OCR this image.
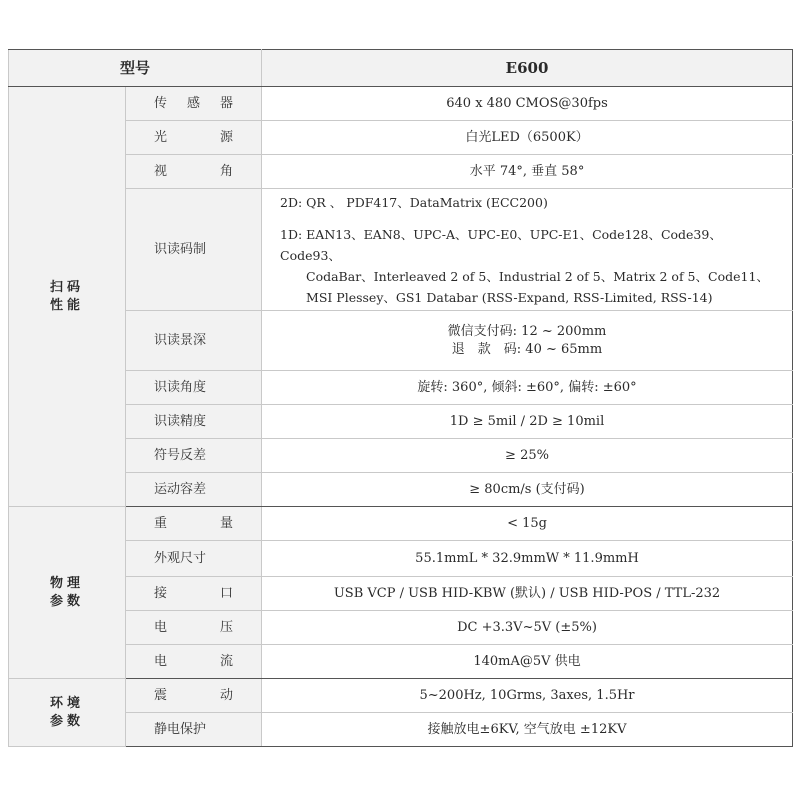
型号		E600

扫码
性能	传 感 器	640 x 480 CMOS@30fps

	光 源	白光LED（6500K）

	视 角	水平 74°, 垂直 58°
	识读码制	2D: QR 、 PDF417、DataMatrix (ECC200)
1D: EAN13、EAN8、UPC-A、UPC-E0、UPC-E1、Code128、Code39、 Code93、
CodaBar、Interleaved 2 of 5、Industrial 2 of 5、Matrix 2 of 5、Code11、
MSI Plessey、GS1 Databar (RSS-Expand, RSS-Limited, RSS-14)

	识读景深	微信支付码: 12 ~ 200mm
退　款　码: 40 ~ 65mm

	识读角度	旋转: 360°, 倾斜: ±60°, 偏转: ±60°
	识读精度	1D ≥ 5mil / 2D ≥ 10mil
	符号反差	≥ 25%
	运动容差	≥ 80cm/s (支付码)

物理
参数	重 量	< 15g
	外观尺寸	55.1mmL * 32.9mmW * 11.9mmH

	接 口	USB VCP / USB HID-KBW (默认) / USB HID-POS / TTL-232

	电 压	DC +3.3V~5V (±5%)

	电 流	140mA@5V 供电

环境
参数	震 动	5~200Hz, 10Grms, 3axes, 1.5Hr
	静电保护	接触放电±6KV, 空气放电 ±12KV
